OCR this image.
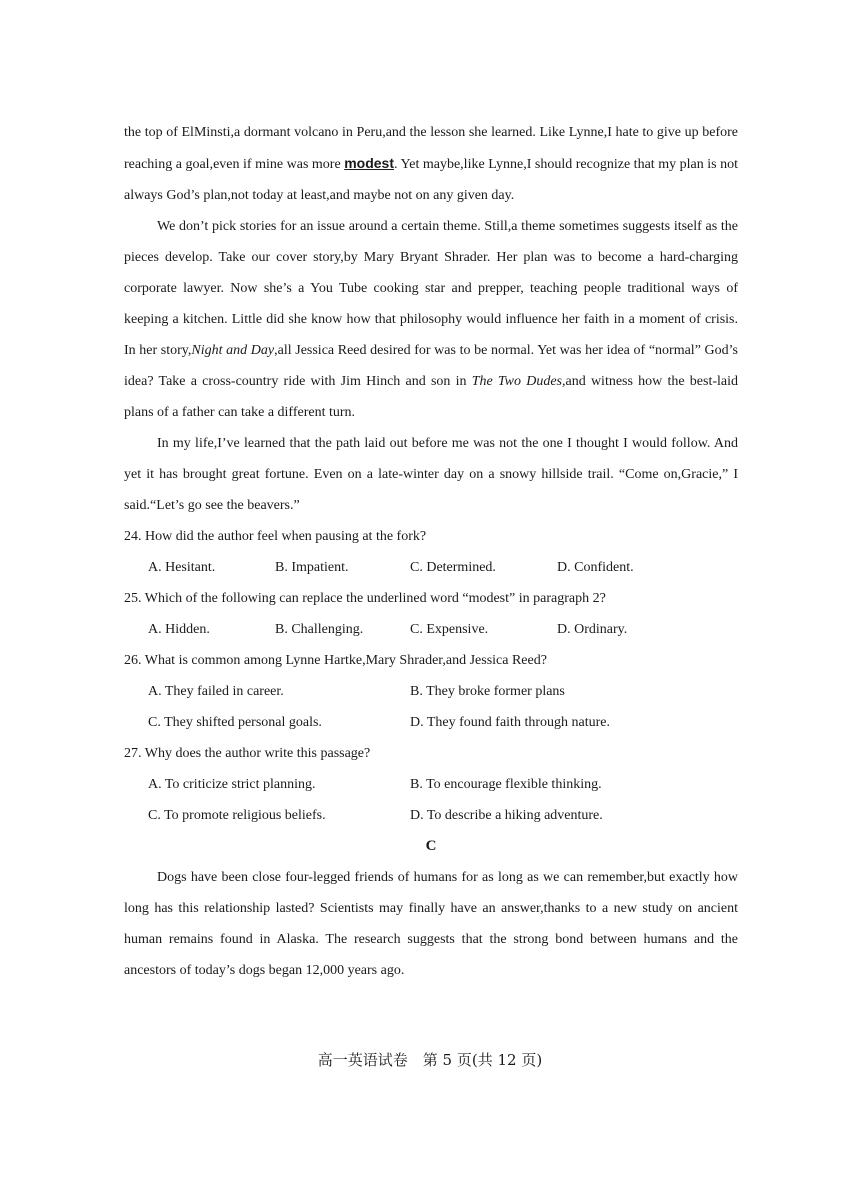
the top of ElMinsti,a dormant volcano in Peru,and the lesson she learned. Like Lynne,I hate to give up before reaching a goal,even if mine was more modest. Yet maybe,like Lynne,I should recognize that my plan is not always God’s plan,not today at least,and maybe not on any given day.

We don’t pick stories for an issue around a certain theme. Still,a theme sometimes suggests itself as the pieces develop. Take our cover story,by Mary Bryant Shrader. Her plan was to become a hard-charging corporate lawyer. Now she’s a You Tube cooking star and prepper, teaching people traditional ways of keeping a kitchen. Little did she know how that philosophy would influence her faith in a moment of crisis. In her story,Night and Day,all Jessica Reed desired for was to be normal. Yet was her idea of “normal” God’s idea? Take a cross-country ride with Jim Hinch and son in The Two Dudes,and witness how the best-laid plans of a father can take a different turn.

In my life,I’ve learned that the path laid out before me was not the one I thought I would follow. And yet it has brought great fortune. Even on a late-winter day on a snowy hillside trail. “Come on,Gracie,” I said.“Let’s go see the beavers.”

24. How did the author feel when pausing at the fork?

A. Hesitant.	B. Impatient.	C. Determined.	D. Confident.

25. Which of the following can replace the underlined word “modest” in paragraph 2?

A. Hidden.	B. Challenging.	C. Expensive.	D. Ordinary.

26. What is common among Lynne Hartke,Mary Shrader,and Jessica Reed?

A. They failed in career.	B. They broke former plans
C. They shifted personal goals.	D. They found faith through nature.

27. Why does the author write this passage?

A. To criticize strict planning.	B. To encourage flexible thinking.
C. To promote religious beliefs.	D. To describe a hiking adventure.

C

Dogs have been close four-legged friends of humans for as long as we can remember,but exactly how long has this relationship lasted? Scientists may finally have an answer,thanks to a new study on ancient human remains found in Alaska. The research suggests that the strong bond between humans and the ancestors of today’s dogs began 12,000 years ago.

高一英语试卷　第 5 页(共 12 页)
